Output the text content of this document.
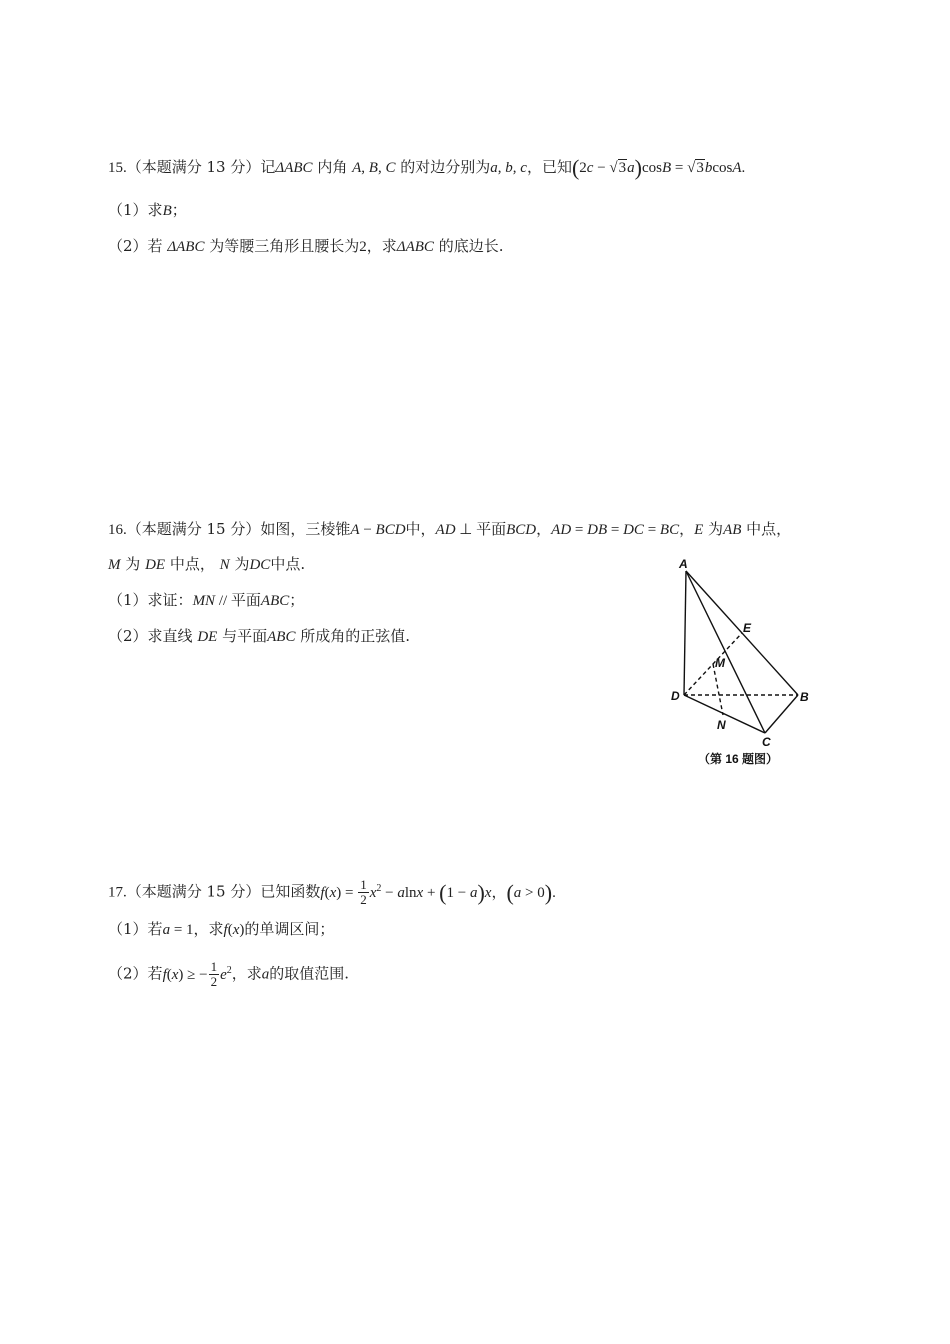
15.（本题满分 13 分）记ΔABC 内角 A, B, C 的对边分别为a, b, c，已知(2c − √3a)cosB = √3bcosA.
（1）求B；
（2）若 ΔABC 为等腰三角形且腰长为2，求ΔABC 的底边长.
16.（本题满分 15 分）如图，三棱锥A − BCD中，AD ⊥ 平面BCD，AD = DB = DC = BC，E 为AB 中点，
M 为 DE 中点， N 为DC中点.
（1）求证：MN // 平面ABC；
（2）求直线 DE 与平面ABC 所成角的正弦值.
A
E
M
D	B
N
C
（第 16 题图）
17.（本题满分 15 分）已知函数$f(x) = \frac{1}{2} x^2 - alnx + (1 - a)x$，(a > 0).
（1）若a = 1，求f(x)的单调区间；
（2）若f(x) ≥ − $\frac{1}{2} e^2$，求a的取值范围.
